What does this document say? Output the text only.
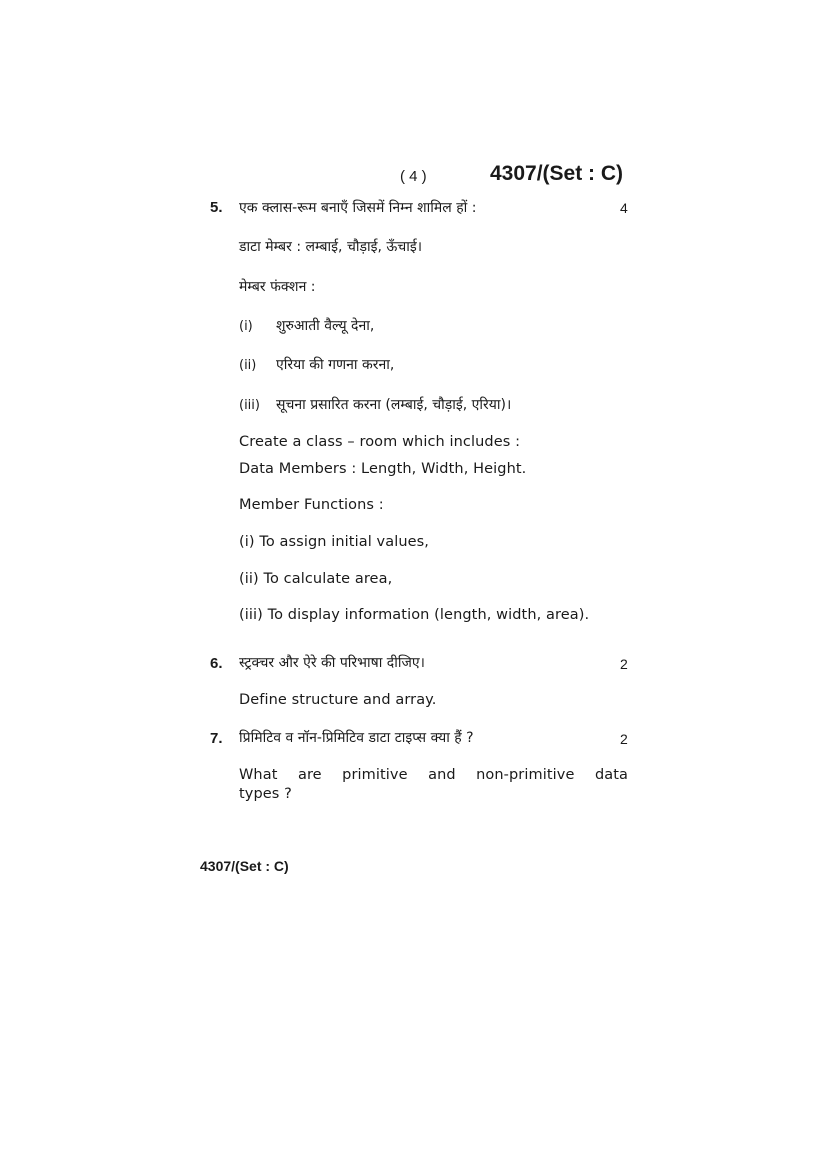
( 4 )	4307/(Set : C)
5. एक क्लास-रूम बनाएँ जिसमें निम्न शामिल हों :	4
डाटा मेम्बर : लम्बाई, चौड़ाई, ऊँचाई।
मेम्बर फंक्शन :
(i) शुरुआती वैल्यू देना,
(ii) एरिया की गणना करना,
(iii) सूचना प्रसारित करना (लम्बाई, चौड़ाई, एरिया)।
Create a class – room which includes :
Data Members : Length, Width, Height.
Member Functions :
(i) To assign initial values,
(ii) To calculate area,
(iii) To display information (length, width, area).
6. स्ट्रक्चर और ऐरे की परिभाषा दीजिए।	2
Define structure and array.
7. प्रिमिटिव व नॉन-प्रिमिटिव डाटा टाइप्स क्या हैं ?	2
What are primitive and non-primitive data
types ?
4307/(Set : C)
